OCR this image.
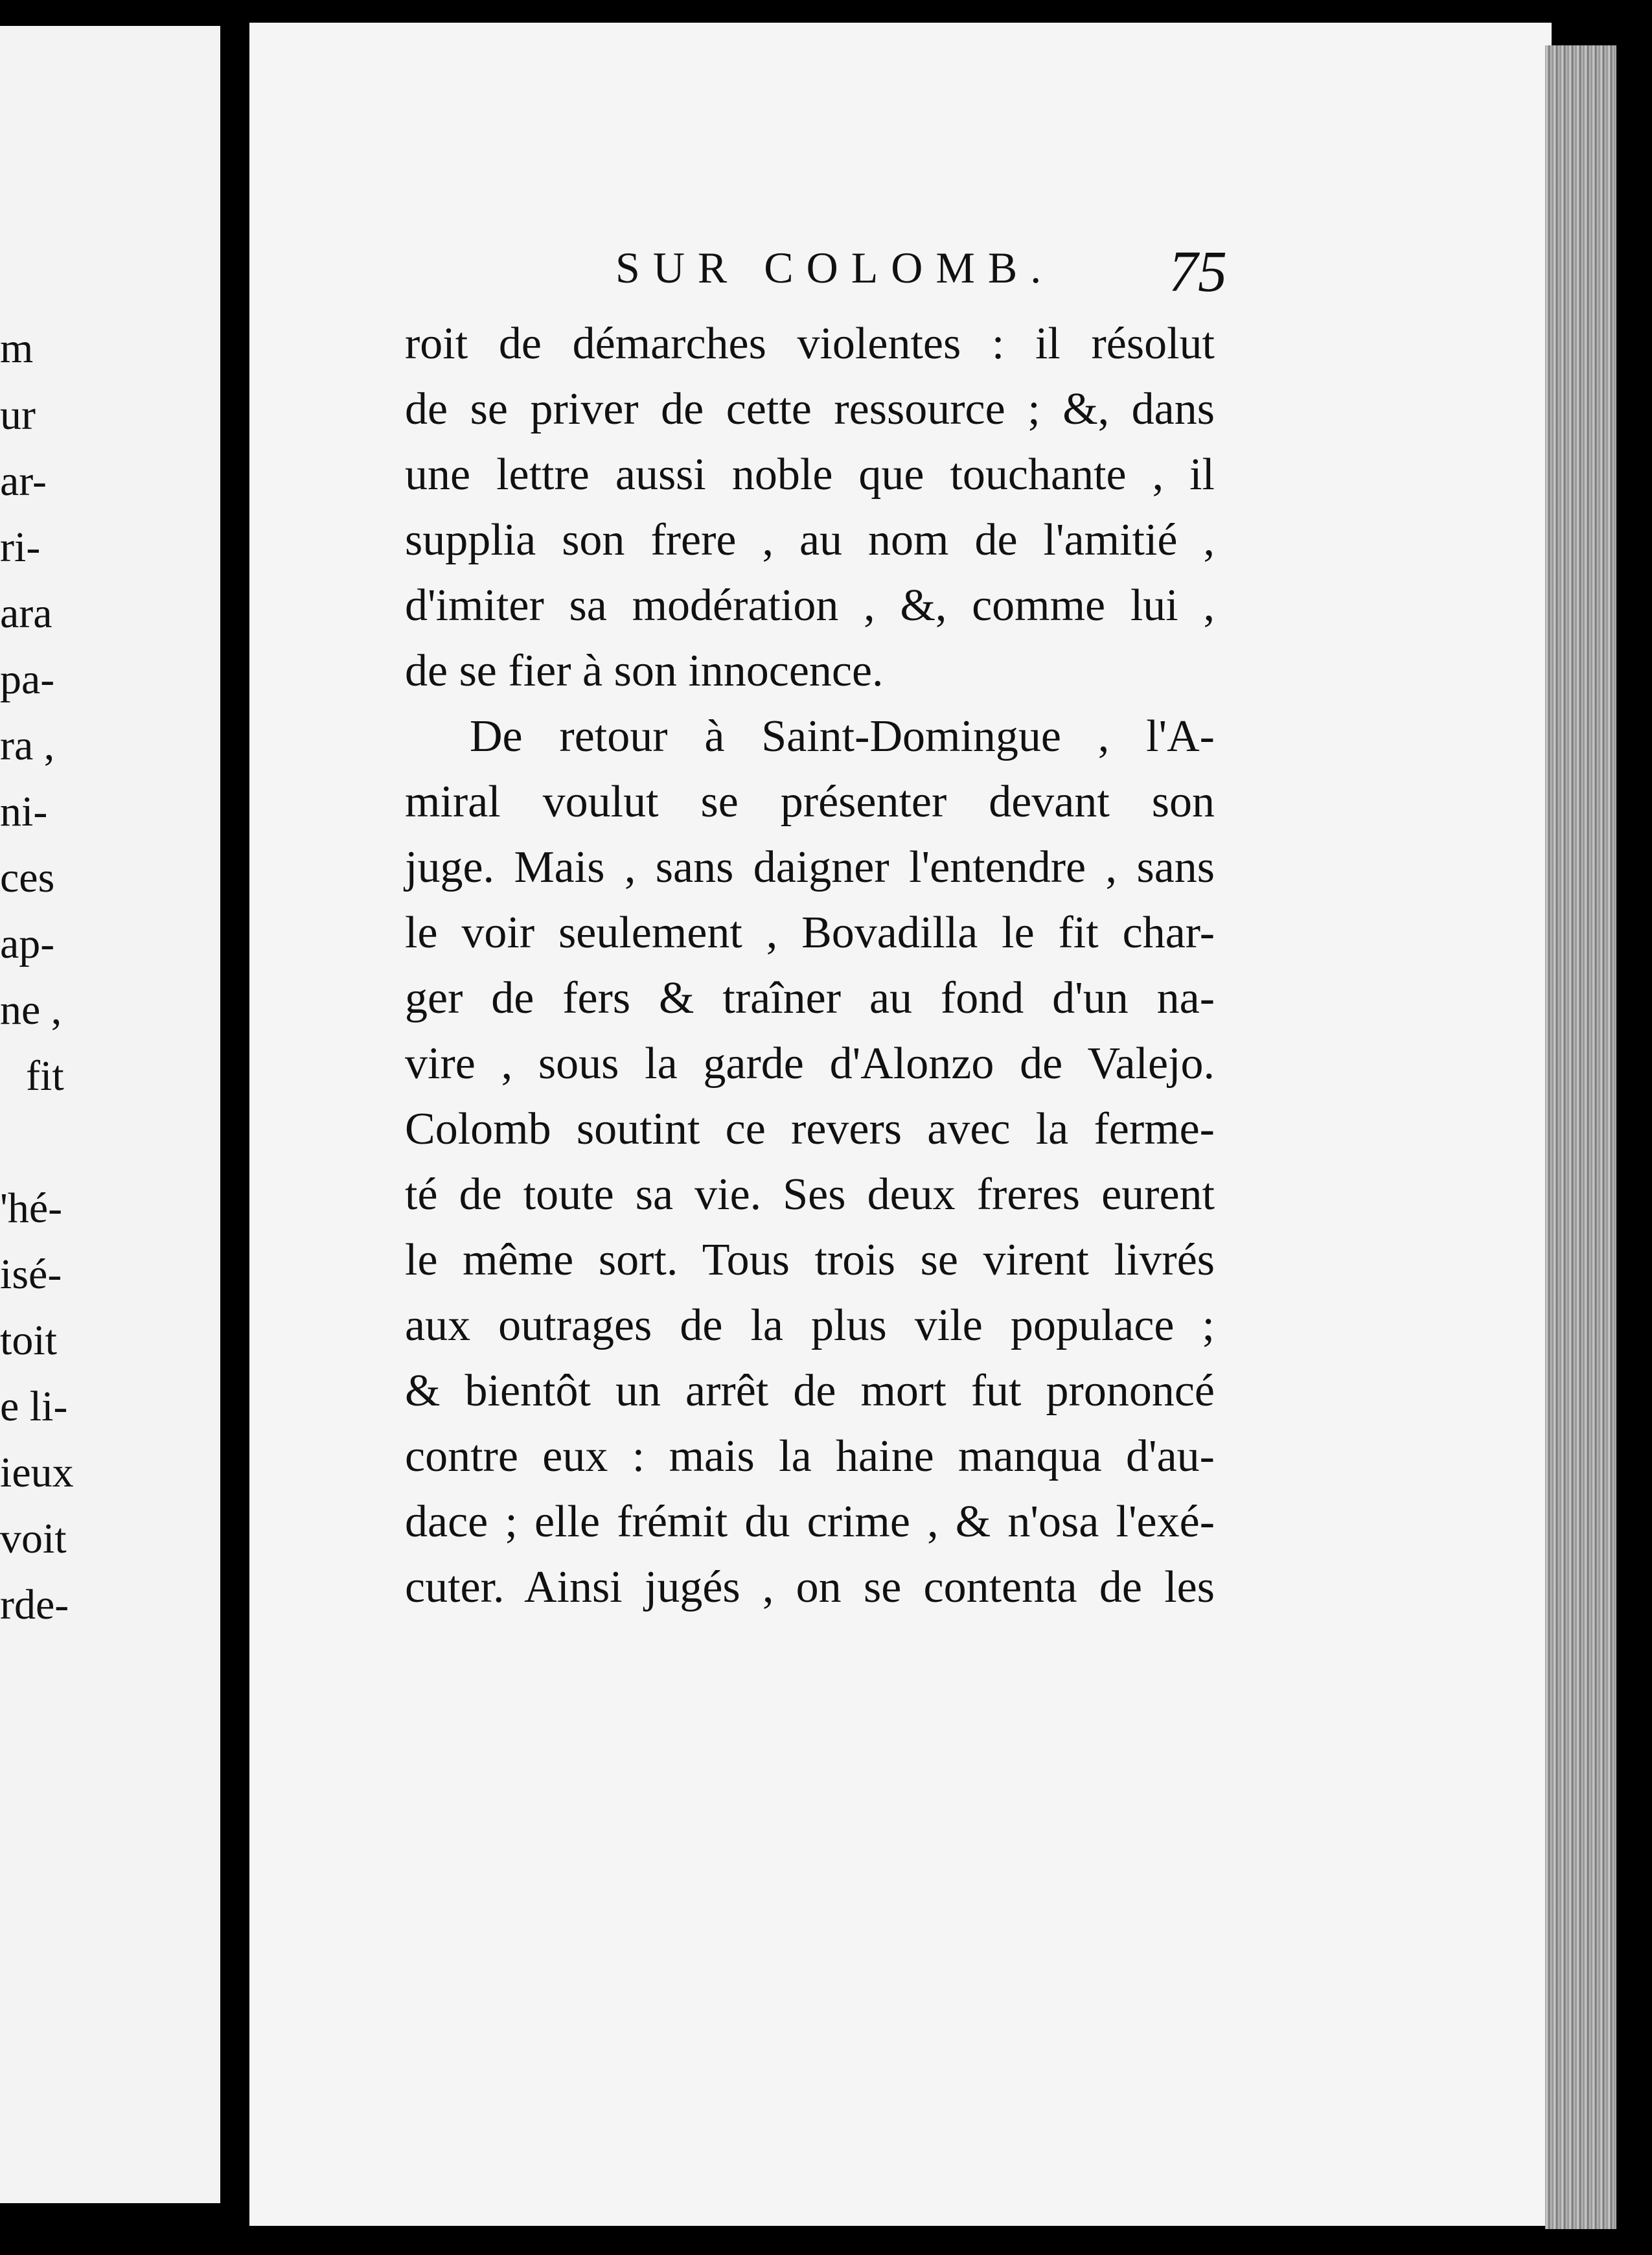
m
ur
ar-
ri-
ara
pa-
ra ,
ni-
ces
ap-
ne ,
fit
'hé-
isé-
toit
e li-
ieux
voit
rde-
SUR COLOMB. 75
roit de démarches violentes : il résolut
de se priver de cette ressource ; &, dans
une lettre aussi noble que touchante , il
supplia son frere , au nom de l'amitié ,
d'imiter sa modération , &, comme lui ,
de se fier à son innocence.
De retour à Saint-Domingue , l'A-
miral voulut se présenter devant son
juge. Mais , sans daigner l'entendre , sans
le voir seulement , Bovadilla le fit char-
ger de fers & traîner au fond d'un na-
vire , sous la garde d'Alonzo de Valejo.
Colomb soutint ce revers avec la ferme-
té de toute sa vie. Ses deux freres eurent
le même sort. Tous trois se virent livrés
aux outrages de la plus vile populace ;
& bientôt un arrêt de mort fut prononcé
contre eux : mais la haine manqua d'au-
dace ; elle frémit du crime , & n'osa l'exé-
cuter. Ainsi jugés , on se contenta de les
